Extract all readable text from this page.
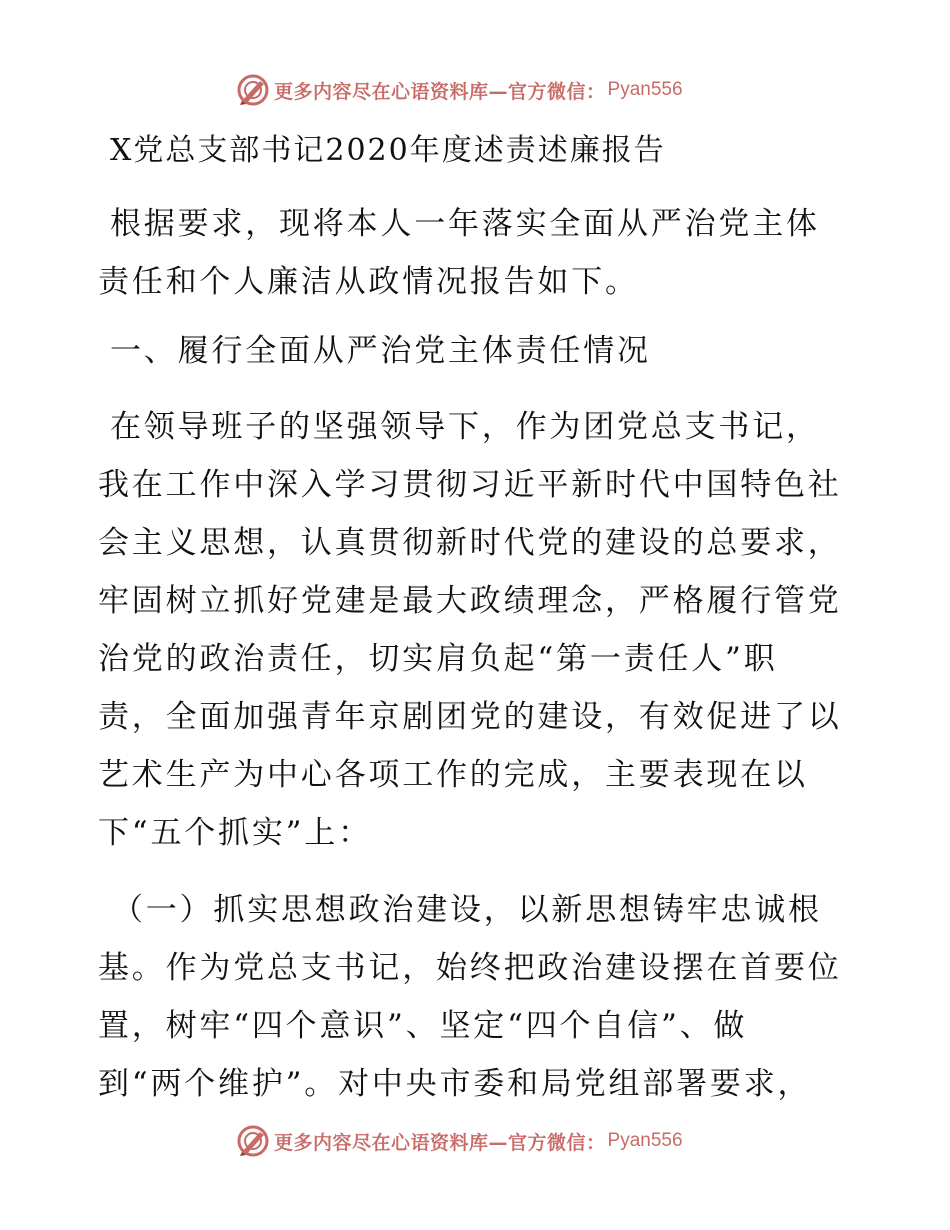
更多内容尽在心语资料库—官方微信： Pyan556
X党总支部书记2020年度述责述廉报告

根据要求，现将本人一年落实全面从严治党主体
责任和个人廉洁从政情况报告如下。

一、履行全面从严治党主体责任情况

在领导班子的坚强领导下，作为团党总支书记，
我在工作中深入学习贯彻习近平新时代中国特色社
会主义思想，认真贯彻新时代党的建设的总要求，
牢固树立抓好党建是最大政绩理念，严格履行管党
治党的政治责任，切实肩负起“第一责任人”职
责，全面加强青年京剧团党的建设，有效促进了以
艺术生产为中心各项工作的完成，主要表现在以
下“五个抓实”上：

（一）抓实思想政治建设，以新思想铸牢忠诚根
基。作为党总支书记，始终把政治建设摆在首要位
置，树牢“四个意识”、坚定“四个自信”、做
到“两个维护”。对中央市委和局党组部署要求，

更多内容尽在心语资料库—官方微信： Pyan556
